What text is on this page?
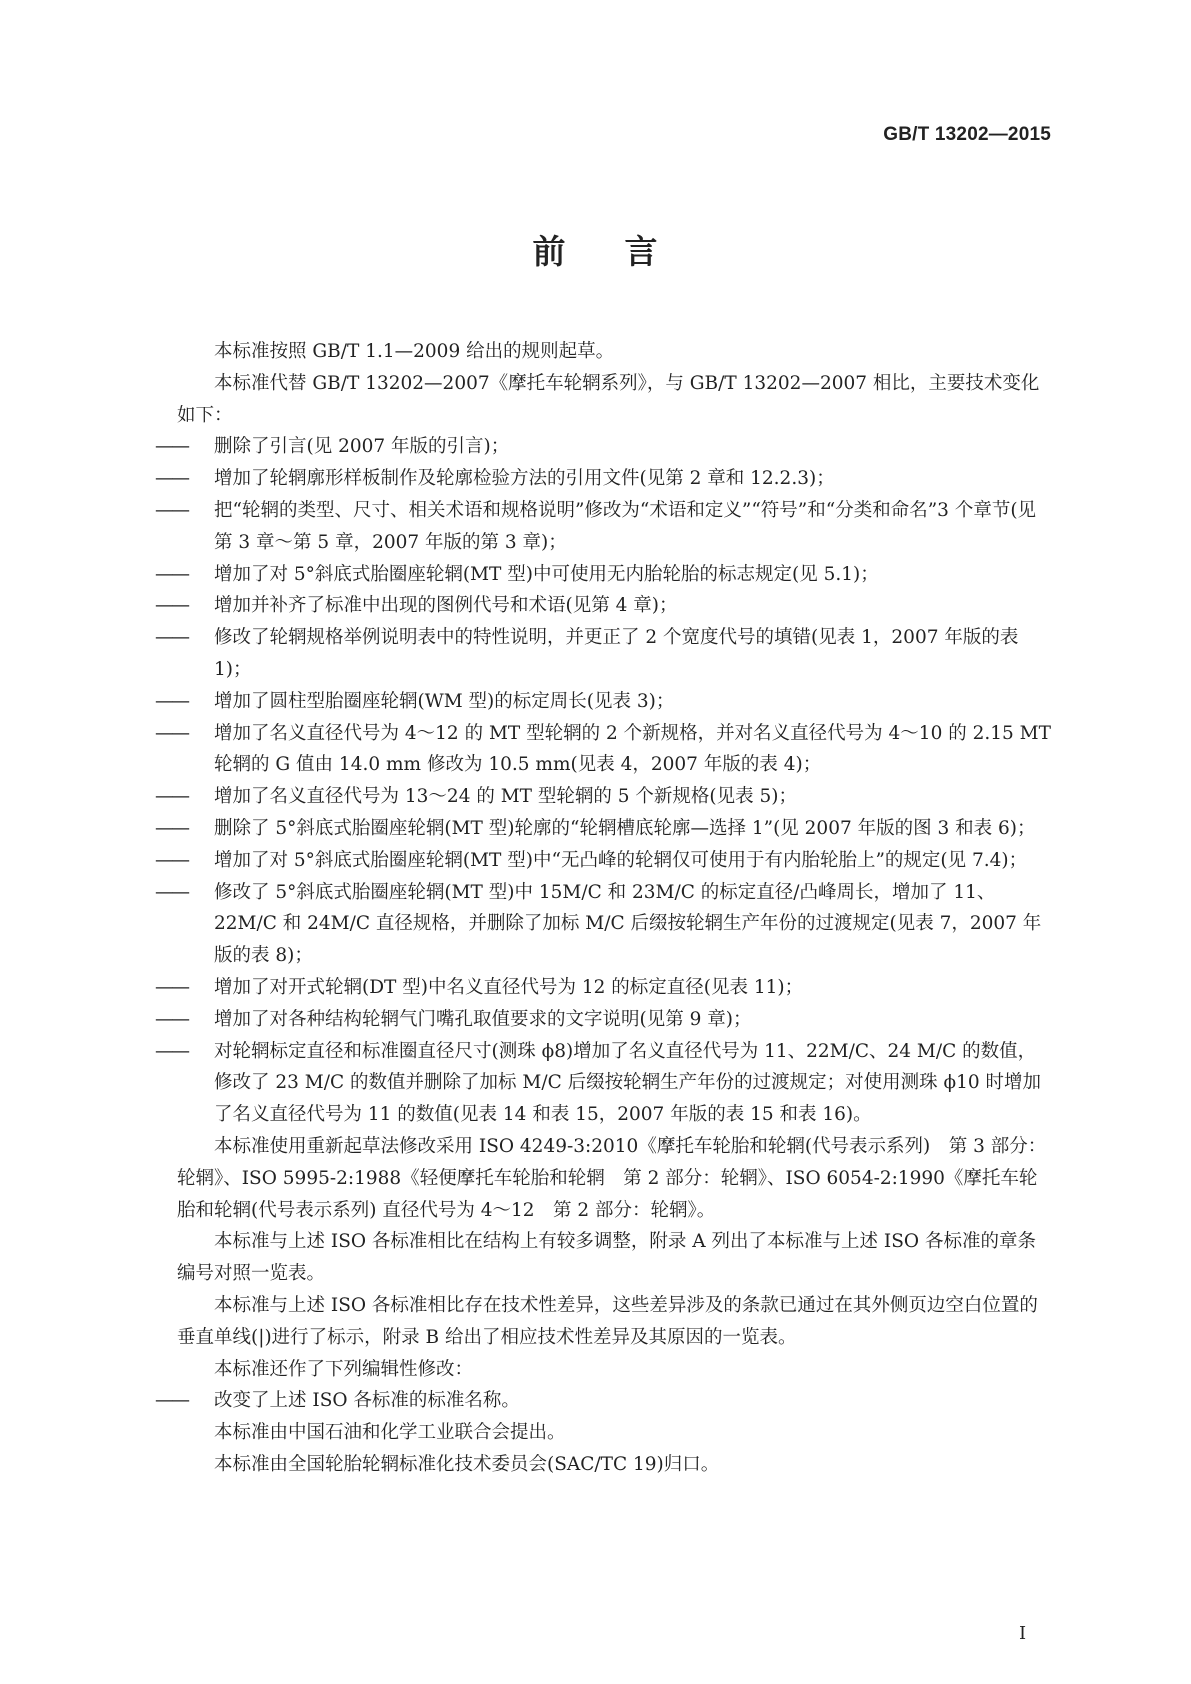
GB/T 13202—2015
前 言

本标准按照 GB/T 1.1—2009 给出的规则起草。

本标准代替 GB/T 13202—2007《摩托车轮辋系列》，与 GB/T 13202—2007 相比，主要技术变化如下：

—— 删除了引言(见 2007 年版的引言)；

—— 增加了轮辋廓形样板制作及轮廓检验方法的引用文件(见第 2 章和 12.2.3)；

—— 把“轮辋的类型、尺寸、相关术语和规格说明”修改为“术语和定义”“符号”和“分类和命名”3 个章节(见第 3 章～第 5 章，2007 年版的第 3 章)；

—— 增加了对 5°斜底式胎圈座轮辋(MT 型)中可使用无内胎轮胎的标志规定(见 5.1)；

—— 增加并补齐了标准中出现的图例代号和术语(见第 4 章)；

—— 修改了轮辋规格举例说明表中的特性说明，并更正了 2 个宽度代号的填错(见表 1，2007 年版的表 1)；

—— 增加了圆柱型胎圈座轮辋(WM 型)的标定周长(见表 3)；

—— 增加了名义直径代号为 4～12 的 MT 型轮辋的 2 个新规格，并对名义直径代号为 4～10 的 2.15 MT轮辋的 G 值由 14.0 mm 修改为 10.5 mm(见表 4，2007 年版的表 4)；

—— 增加了名义直径代号为 13～24 的 MT 型轮辋的 5 个新规格(见表 5)；

—— 删除了 5°斜底式胎圈座轮辋(MT 型)轮廓的“轮辋槽底轮廓—选择 1”(见 2007 年版的图 3 和表 6)；

—— 增加了对 5°斜底式胎圈座轮辋(MT 型)中“无凸峰的轮辋仅可使用于有内胎轮胎上”的规定(见 7.4)；

—— 修改了 5°斜底式胎圈座轮辋(MT 型)中 15M/C 和 23M/C 的标定直径/凸峰周长，增加了 11、22M/C 和 24M/C 直径规格，并删除了加标 M/C 后缀按轮辋生产年份的过渡规定(见表 7，2007 年版的表 8)；

—— 增加了对开式轮辋(DT 型)中名义直径代号为 12 的标定直径(见表 11)；

—— 增加了对各种结构轮辋气门嘴孔取值要求的文字说明(见第 9 章)；

—— 对轮辋标定直径和标准圈直径尺寸(测珠 ϕ8)增加了名义直径代号为 11、22M/C、24 M/C 的数值，修改了 23 M/C 的数值并删除了加标 M/C 后缀按轮辋生产年份的过渡规定；对使用测珠 ϕ10 时增加了名义直径代号为 11 的数值(见表 14 和表 15，2007 年版的表 15 和表 16)。

本标准使用重新起草法修改采用 ISO 4249-3:2010《摩托车轮胎和轮辋(代号表示系列)　第 3 部分：轮辋》、ISO 5995-2:1988《轻便摩托车轮胎和轮辋　第 2 部分：轮辋》、ISO 6054-2:1990《摩托车轮胎和轮辋(代号表示系列) 直径代号为 4～12　第 2 部分：轮辋》。

本标准与上述 ISO 各标准相比在结构上有较多调整，附录 A 列出了本标准与上述 ISO 各标准的章条编号对照一览表。

本标准与上述 ISO 各标准相比存在技术性差异，这些差异涉及的条款已通过在其外侧页边空白位置的垂直单线(|)进行了标示，附录 B 给出了相应技术性差异及其原因的一览表。

本标准还作了下列编辑性修改：

—— 改变了上述 ISO 各标准的标准名称。

本标准由中国石油和化学工业联合会提出。

本标准由全国轮胎轮辋标准化技术委员会(SAC/TC 19)归口。

I
